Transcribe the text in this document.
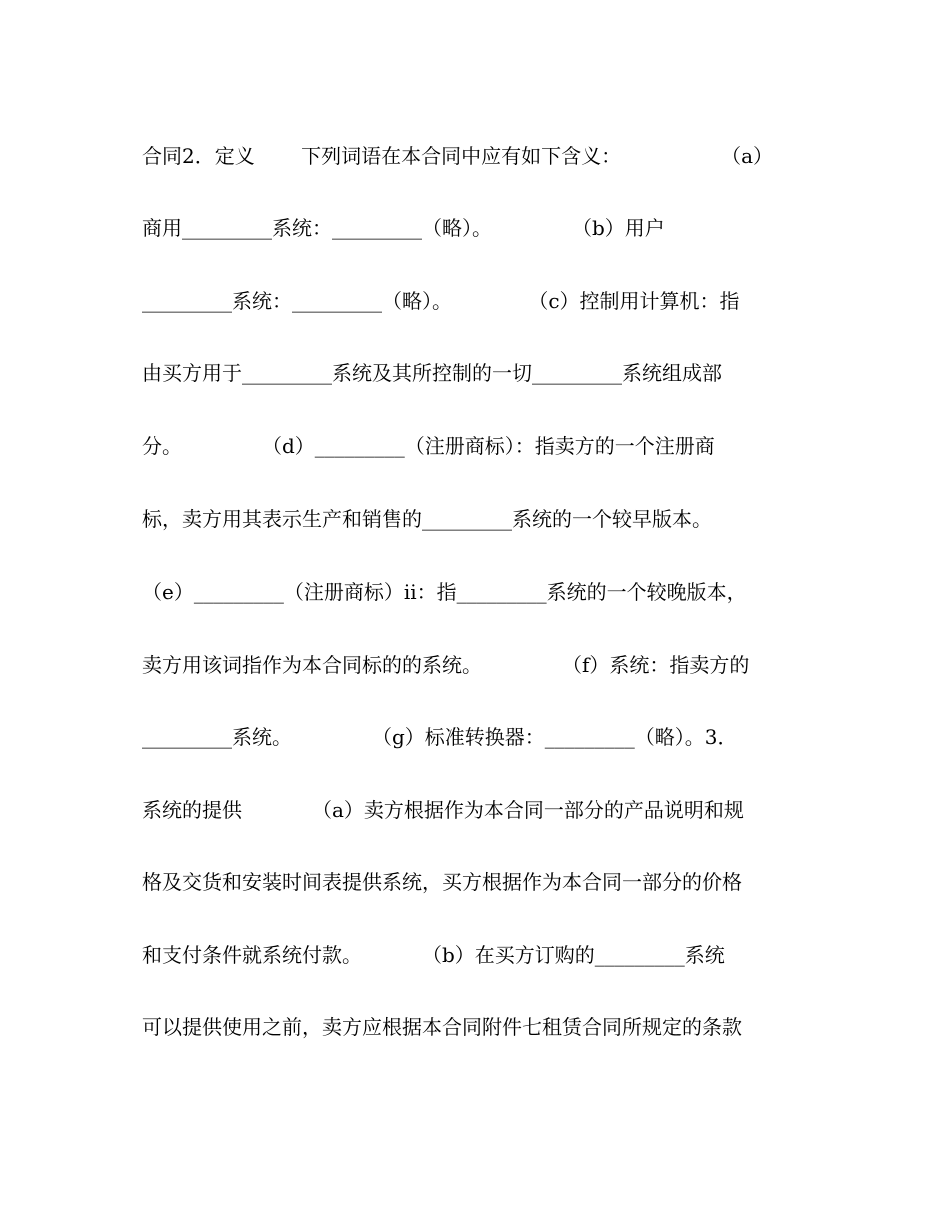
合同2．定义　　 下列词语在本合同中应有如下含义：　　　　　　（a）
商用_________系统：_________（略）。　　　　　（b）用户
_________系统：_________（略）。　　　　 （c）控制用计算机：指
由买方用于_________系统及其所控制的一切_________系统组成部
分。　　　　　（d）_________（注册商标）：指卖方的一个注册商
标，卖方用其表示生产和销售的_________系统的一个较早版本。
（e）_________（注册商标）ii：指_________系统的一个较晚版本，
卖方用该词指作为本合同标的的系统。　　　　　（f）系统：指卖方的
_________系统。　　　　　（g）标准转换器：_________（略）。3．
系统的提供　　　　（a）卖方根据作为本合同一部分的产品说明和规
格及交货和安装时间表提供系统，买方根据作为本合同一部分的价格
和支付条件就系统付款。　　　　（b）在买方订购的_________系统
可以提供使用之前，卖方应根据本合同附件七租赁合同所规定的条款
